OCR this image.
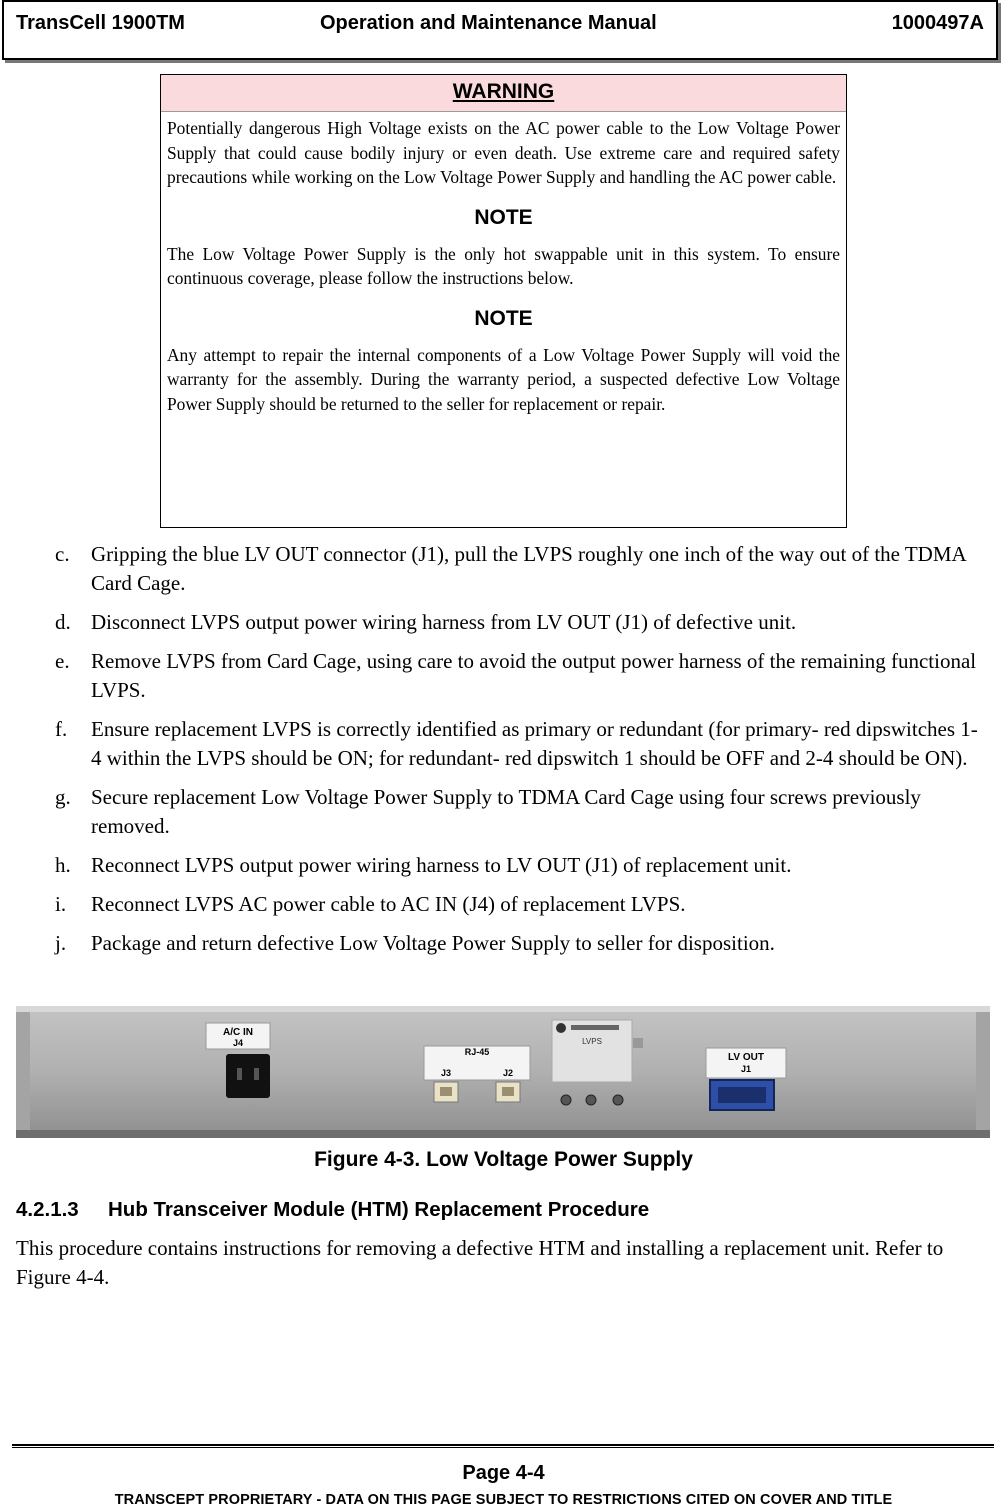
TransCell 1900TM	Operation and Maintenance Manual	1000497A
WARNING

Potentially dangerous High Voltage exists on the AC power cable to the Low Voltage Power Supply that could cause bodily injury or even death. Use extreme care and required safety precautions while working on the Low Voltage Power Supply and handling the AC power cable.

NOTE

The Low Voltage Power Supply is the only hot swappable unit in this system. To ensure continuous coverage, please follow the instructions below.

NOTE

Any attempt to repair the internal components of a Low Voltage Power Supply will void the warranty for the assembly. During the warranty period, a suspected defective Low Voltage Power Supply should be returned to the seller for replacement or repair.

c. Gripping the blue LV OUT connector (J1), pull the LVPS roughly one inch of the way out of the TDMA Card Cage.
d. Disconnect LVPS output power wiring harness from LV OUT (J1) of defective unit.
e. Remove LVPS from Card Cage, using care to avoid the output power harness of the remaining functional LVPS.
f. Ensure replacement LVPS is correctly identified as primary or redundant (for primary- red dipswitches 1-4 within the LVPS should be ON; for redundant- red dipswitch 1 should be OFF and 2-4 should be ON).
g. Secure replacement Low Voltage Power Supply to TDMA Card Cage using four screws previously removed.
h. Reconnect LVPS output power wiring harness to LV OUT (J1) of replacement unit.
i. Reconnect LVPS AC power cable to AC IN (J4) of replacement LVPS.
j. Package and return defective Low Voltage Power Supply to seller for disposition.
A/C IN
J4
RJ-45
J3	J2
LVPS
LV OUT
J1
Figure 4-3. Low Voltage Power Supply
4.2.1.3 Hub Transceiver Module (HTM) Replacement Procedure
This procedure contains instructions for removing a defective HTM and installing a replacement unit. Refer to Figure 4-4.
Page 4-4
TRANSCEPT PROPRIETARY - DATA ON THIS PAGE SUBJECT TO RESTRICTIONS CITED ON COVER AND TITLE
